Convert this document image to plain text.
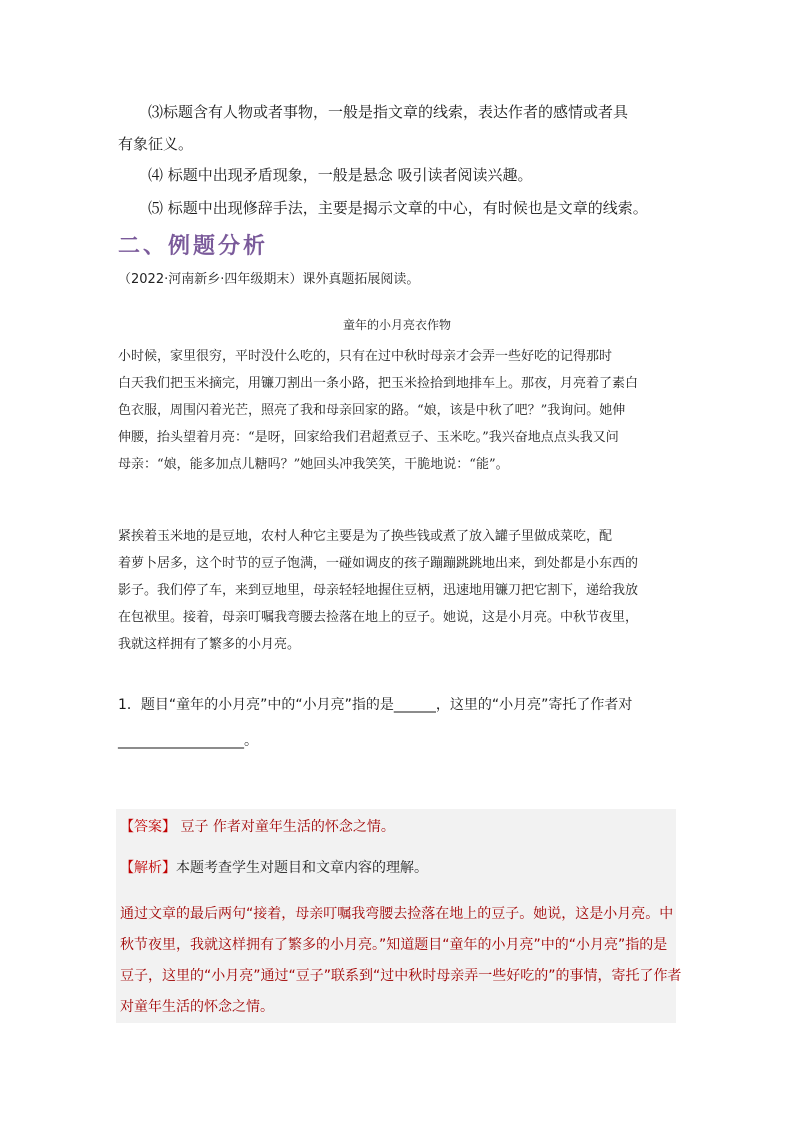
⑶标题含有人物或者事物，一般是指文章的线索，表达作者的感情或者具
有象征义。
⑷ 标题中出现矛盾现象，一般是悬念 吸引读者阅读兴趣。
⑸ 标题中出现修辞手法，主要是揭示文章的中心，有时候也是文章的线索。
二、例题分析
（2022·河南新乡·四年级期末）课外真题拓展阅读。
童年的小月亮衣作物
小时候，家里很穷，平时没什么吃的，只有在过中秋时母亲才会弄一些好吃的记得那时
白天我们把玉米摘完，用镰刀割出一条小路，把玉米捡拾到地排车上。那夜，月亮着了素白
色衣服，周围闪着光芒，照亮了我和母亲回家的路。“娘，该是中秋了吧？”我询问。她伸
伸腰，抬头望着月亮：“是呀，回家给我们君超煮豆子、玉米吃。”我兴奋地点点头我又问
母亲：“娘，能多加点儿糖吗？”她回头冲我笑笑，干脆地说：“能”。
紧挨着玉米地的是豆地，农村人种它主要是为了换些钱或煮了放入罐子里做成菜吃，配
着萝卜居多，这个时节的豆子饱满，一碰如调皮的孩子蹦蹦跳跳地出来，到处都是小东西的
影子。我们停了车，来到豆地里，母亲轻轻地握住豆柄，迅速地用镰刀把它割下，递给我放
在包袱里。接着，母亲叮嘱我弯腰去捡落在地上的豆子。她说，这是小月亮。中秋节夜里，
我就这样拥有了繁多的小月亮。
1．题目“童年的小月亮”中的“小月亮”指的是______，这里的“小月亮”寄托了作者对
__________________。
【答案】 豆子 作者对童年生活的怀念之情。
【解析】本题考查学生对题目和文章内容的理解。
通过文章的最后两句“接着，母亲叮嘱我弯腰去捡落在地上的豆子。她说，这是小月亮。中
秋节夜里，我就这样拥有了繁多的小月亮。”知道题目“童年的小月亮”中的“小月亮”指的是
豆子，这里的“小月亮”通过“豆子”联系到“过中秋时母亲弄一些好吃的”的事情，寄托了作者
对童年生活的怀念之情。
